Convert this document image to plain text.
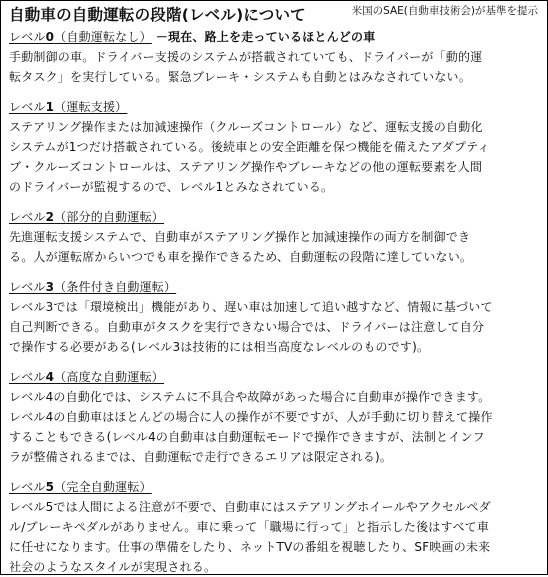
自動車の自動運転の段階(レベル)について	米国のSAE(自動車技術会)が基準を提示
レベル0（自動運転なし） －現在、路上を走っているほとんどの車

手動制御の車。ドライバー支援のシステムが搭載されていても、ドライバーが「動的運
転タスク」を実行している。緊急ブレーキ・システムも自動とはみなされていない。

レベル1（運転支援）

ステアリング操作または加減速操作（クルーズコントロール）など、運転支援の自動化
システムが1つだけ搭載されている。後続車との安全距離を保つ機能を備えたアダプティ
ブ・クルーズコントロールは、ステアリング操作やブレーキなどの他の運転要素を人間
のドライバーが監視するので、レベル1とみなされている。

レベル2（部分的自動運転）

先進運転支援システムで、自動車がステアリング操作と加減速操作の両方を制御でき
る。人が運転席からいつでも車を操作できるため、自動運転の段階に達していない。

レベル3（条件付き自動運転）

レベル3では「環境検出」機能があり、遅い車は加速して追い越すなど、情報に基づいて
自己判断できる。自動車がタスクを実行できない場合では、ドライバーは注意して自分
で操作する必要がある(レベル3は技術的には相当高度なレベルのものです)。

レベル4（高度な自動運転）

レベル4の自動化では、システムに不具合や故障があった場合に自動車が操作できます。
レベル4の自動車はほとんどの場合に人の操作が不要ですが、人が手動に切り替えて操作
することもできる(レベル4の自動車は自動運転モードで操作できますが、法制とインフ
ラが整備されるまでは、自動運転で走行できるエリアは限定される)。

レベル5（完全自動運転）

レベル5では人間による注意が不要で、自動車にはステアリングホイールやアクセルペダ
ル/ブレーキペダルがありません。車に乗って「職場に行って」と指示した後はすべて車
に任せになります。仕事の準備をしたり、ネットTVの番組を視聴したり、SF映画の未来
社会のようなスタイルが実現される。
